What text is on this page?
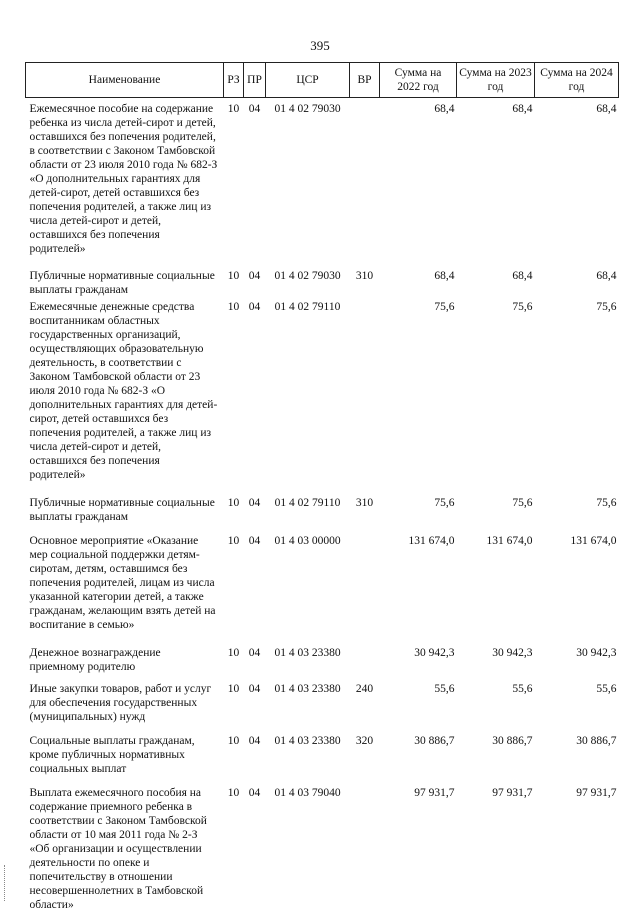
395
Наименование	РЗ	ПР	ЦСР	ВР	Сумма на 2022 год	Сумма на 2023 год	Сумма на 2024 год
Ежемесячное пособие на содержание ребенка из числа детей-сирот и детей, оставшихся без попечения родителей, в соответствии с Законом Тамбовской области от 23 июля 2010 года № 682-З «О дополнительных гарантиях для детей-сирот, детей оставшихся без попечения родителей, а также лиц из числа детей-сирот и детей, оставшихся без попечения родителей»	10	04	01 4 02 79030		68,4	68,4	68,4
Публичные нормативные социальные выплаты гражданам	10	04	01 4 02 79030	310	68,4	68,4	68,4
Ежемесячные денежные средства воспитанникам областных государственных организаций, осуществляющих образовательную деятельность, в соответствии с Законом Тамбовской области от 23 июля 2010 года № 682-З «О дополнительных гарантиях для детей-сирот, детей оставшихся без попечения родителей, а также лиц из числа детей-сирот и детей, оставшихся без попечения родителей»	10	04	01 4 02 79110		75,6	75,6	75,6
Публичные нормативные социальные выплаты гражданам	10	04	01 4 02 79110	310	75,6	75,6	75,6
Основное мероприятие «Оказание мер социальной поддержки детям-сиротам, детям, оставшимся без попечения родителей, лицам из числа указанной категории детей, а также гражданам, желающим взять детей на воспитание в семью»	10	04	01 4 03 00000		131 674,0	131 674,0	131 674,0
Денежное вознаграждение приемному родителю	10	04	01 4 03 23380		30 942,3	30 942,3	30 942,3
Иные закупки товаров, работ и услуг для обеспечения государственных (муниципальных) нужд	10	04	01 4 03 23380	240	55,6	55,6	55,6
Социальные выплаты гражданам, кроме публичных нормативных социальных выплат	10	04	01 4 03 23380	320	30 886,7	30 886,7	30 886,7
Выплата ежемесячного пособия на содержание приемного ребенка в соответствии с Законом Тамбовской области от 10 мая 2011 года № 2-З «Об организации и осуществлении деятельности по опеке и попечительству в отношении несовершеннолетних в Тамбовской области»	10	04	01 4 03 79040		97 931,7	97 931,7	97 931,7
